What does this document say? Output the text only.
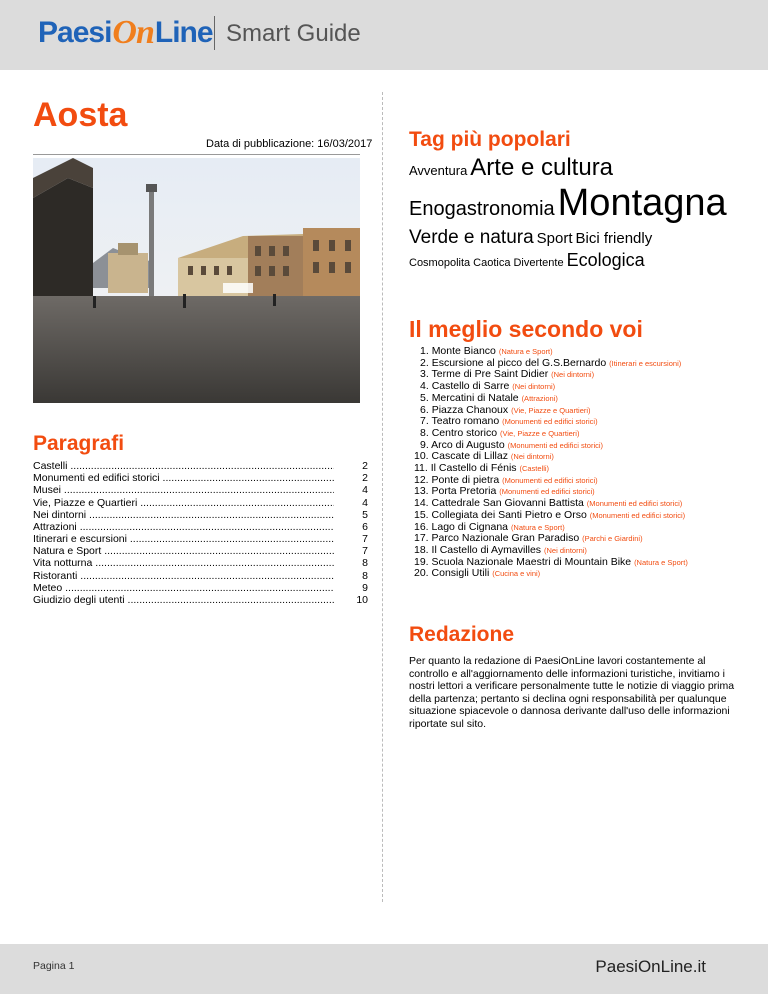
Paesi On Line Smart Guide
Aosta
Data di pubblicazione: 16/03/2017
Paragrafi
Castelli .....	2
Monumenti ed edifici storici .....	2
Musei .....	4
Vie, Piazze e Quartieri .....	4
Nei dintorni .....	5
Attrazioni .....	6
Itinerari e escursioni .....	7
Natura e Sport .....	7
Vita notturna .....	8
Ristoranti .....	8
Meteo .....	9
Giudizio degli utenti .....	10
Tag più popolari
Avventura Arte e cultura
EnogastronomiaMontagna
Verde e natura Sport Bici friendly
Cosmopolita Caotica Divertente Ecologica
Il meglio secondo voi
1. Monte Bianco (Natura e Sport)
2. Escursione al picco del G.S.Bernardo (Itinerari e escursioni)
3. Terme di Pre Saint Didier (Nei dintorni)
4. Castello di Sarre (Nei dintorni)
5. Mercatini di Natale (Attrazioni)
6. Piazza Chanoux (Vie, Piazze e Quartieri)
7. Teatro romano (Monumenti ed edifici storici)
8. Centro storico (Vie, Piazze e Quartieri)
9. Arco di Augusto (Monumenti ed edifici storici)
10. Cascate di Lillaz (Nei dintorni)
11. Il Castello di Fénis (Castelli)
12. Ponte di pietra (Monumenti ed edifici storici)
13. Porta Pretoria (Monumenti ed edifici storici)
14. Cattedrale San Giovanni Battista (Monumenti ed edifici storici)
15. Collegiata dei Santi Pietro e Orso (Monumenti ed edifici storici)
16. Lago di Cignana (Natura e Sport)
17. Parco Nazionale Gran Paradiso (Parchi e Giardini)
18. Il Castello di Aymavilles (Nei dintorni)
19. Scuola Nazionale Maestri di Mountain Bike (Natura e Sport)
20. Consigli Utili (Cucina e vini)
Redazione
Per quanto la redazione di PaesiOnLine lavori costantemente al controllo e all'aggiornamento delle informazioni turistiche, invitiamo i nostri lettori a verificare personalmente tutte le notizie di viaggio prima della partenza; pertanto si declina ogni responsabilità per qualunque situazione spiacevole o dannosa derivante dall'uso delle informazioni riportate sul sito.
Pagina 1	PaesiOnLine.it
